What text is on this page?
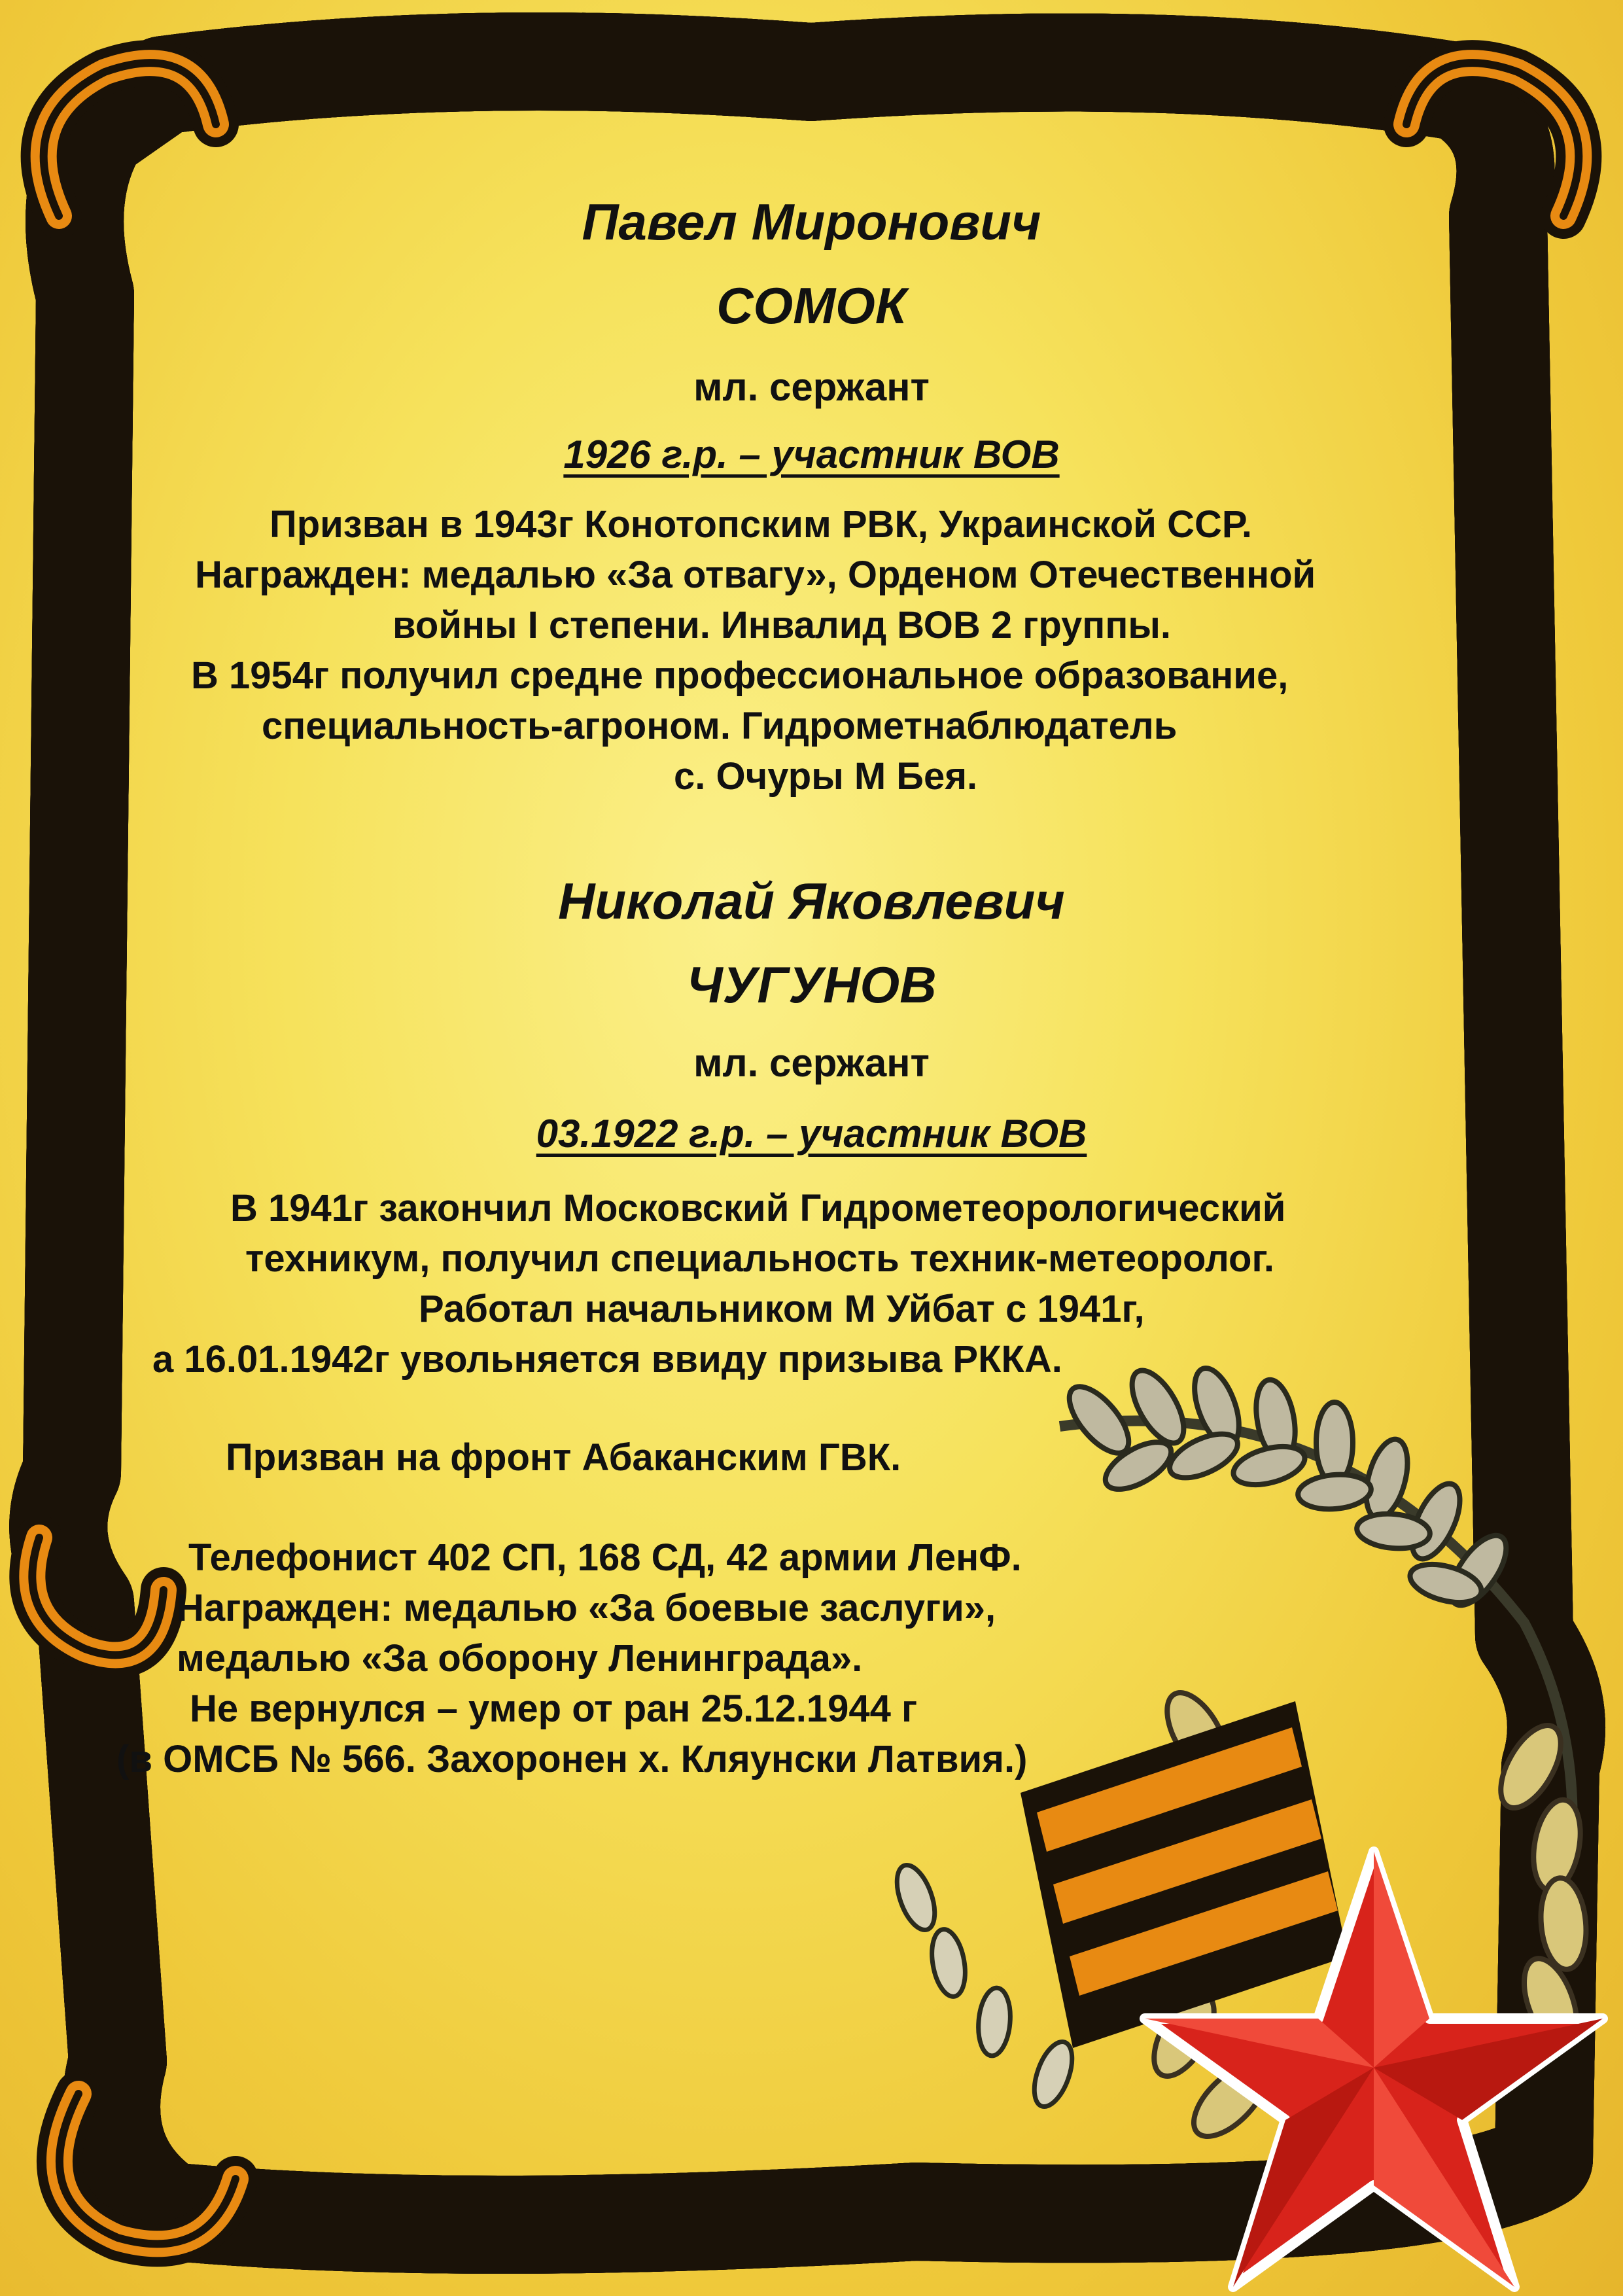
Павел Миронович
СОМОК
мл. сержант
1926 г.р. – участник ВОВ
Призван в 1943г Конотопским РВК, Украинской ССР.
Награжден: медалью «За отвагу», Орденом Отечественной
войны I степени. Инвалид ВОВ 2 группы.
В 1954г получил средне профессиональное образование,
специальность-агроном. Гидрометнаблюдатель
с. Очуры М Бея.
Николай Яковлевич
ЧУГУНОВ
мл. сержант
03.1922 г.р. – участник ВОВ
В 1941г закончил Московский Гидрометеорологический
техникум, получил специальность техник-метеоролог.
Работал начальником М Уйбат с 1941г,
а 16.01.1942г увольняется ввиду призыва РККА.
Призван на фронт Абаканским ГВК.
Телефонист 402 СП, 168 СД, 42 армии ЛенФ.
Награжден: медалью «За боевые заслуги»,
медалью «За оборону Ленинграда».
Не вернулся – умер от ран 25.12.1944 г
(в ОМСБ № 566. Захоронен х. Кляунски Латвия.)
